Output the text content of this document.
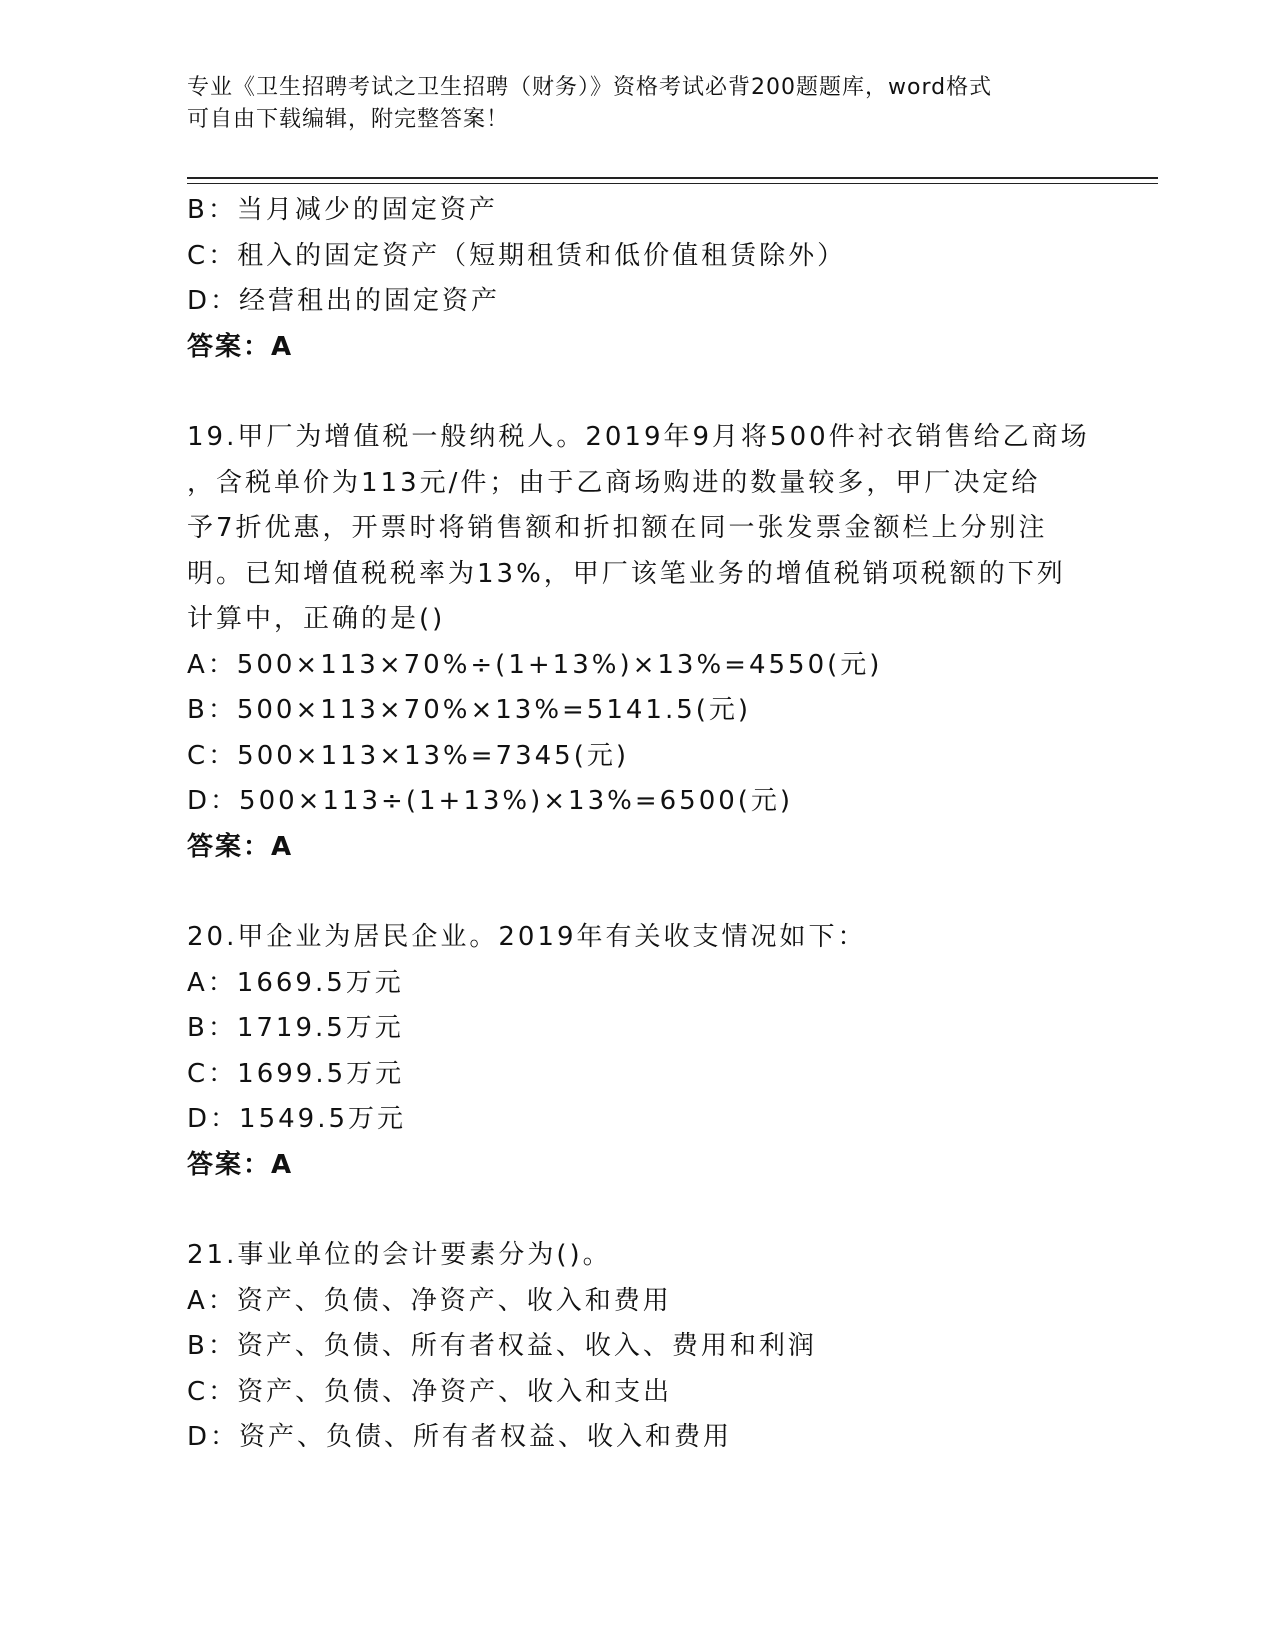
专业《卫生招聘考试之卫生招聘（财务）》资格考试必背200题题库，word格式
可自由下载编辑，附完整答案！
B：当月减少的固定资产
C：租入的固定资产（短期租赁和低价值租赁除外）
D：经营租出的固定资产
答案：A
19.甲厂为增值税一般纳税人。2019年9月将500件衬衣销售给乙商场
，含税单价为113元/件；由于乙商场购进的数量较多，甲厂决定给
予7折优惠，开票时将销售额和折扣额在同一张发票金额栏上分别注
明。已知增值税税率为13%，甲厂该笔业务的增值税销项税额的下列
计算中，正确的是()
A：500×113×70%÷(1+13%)×13%=4550(元)
B：500×113×70%×13%=5141.5(元)
C：500×113×13%=7345(元)
D：500×113÷(1+13%)×13%=6500(元)
答案：A
20.甲企业为居民企业。2019年有关收支情况如下：
A：1669.5万元
B：1719.5万元
C：1699.5万元
D：1549.5万元
答案：A
21.事业单位的会计要素分为()。
A：资产、负债、净资产、收入和费用
B：资产、负债、所有者权益、收入、费用和利润
C：资产、负债、净资产、收入和支出
D：资产、负债、所有者权益、收入和费用
